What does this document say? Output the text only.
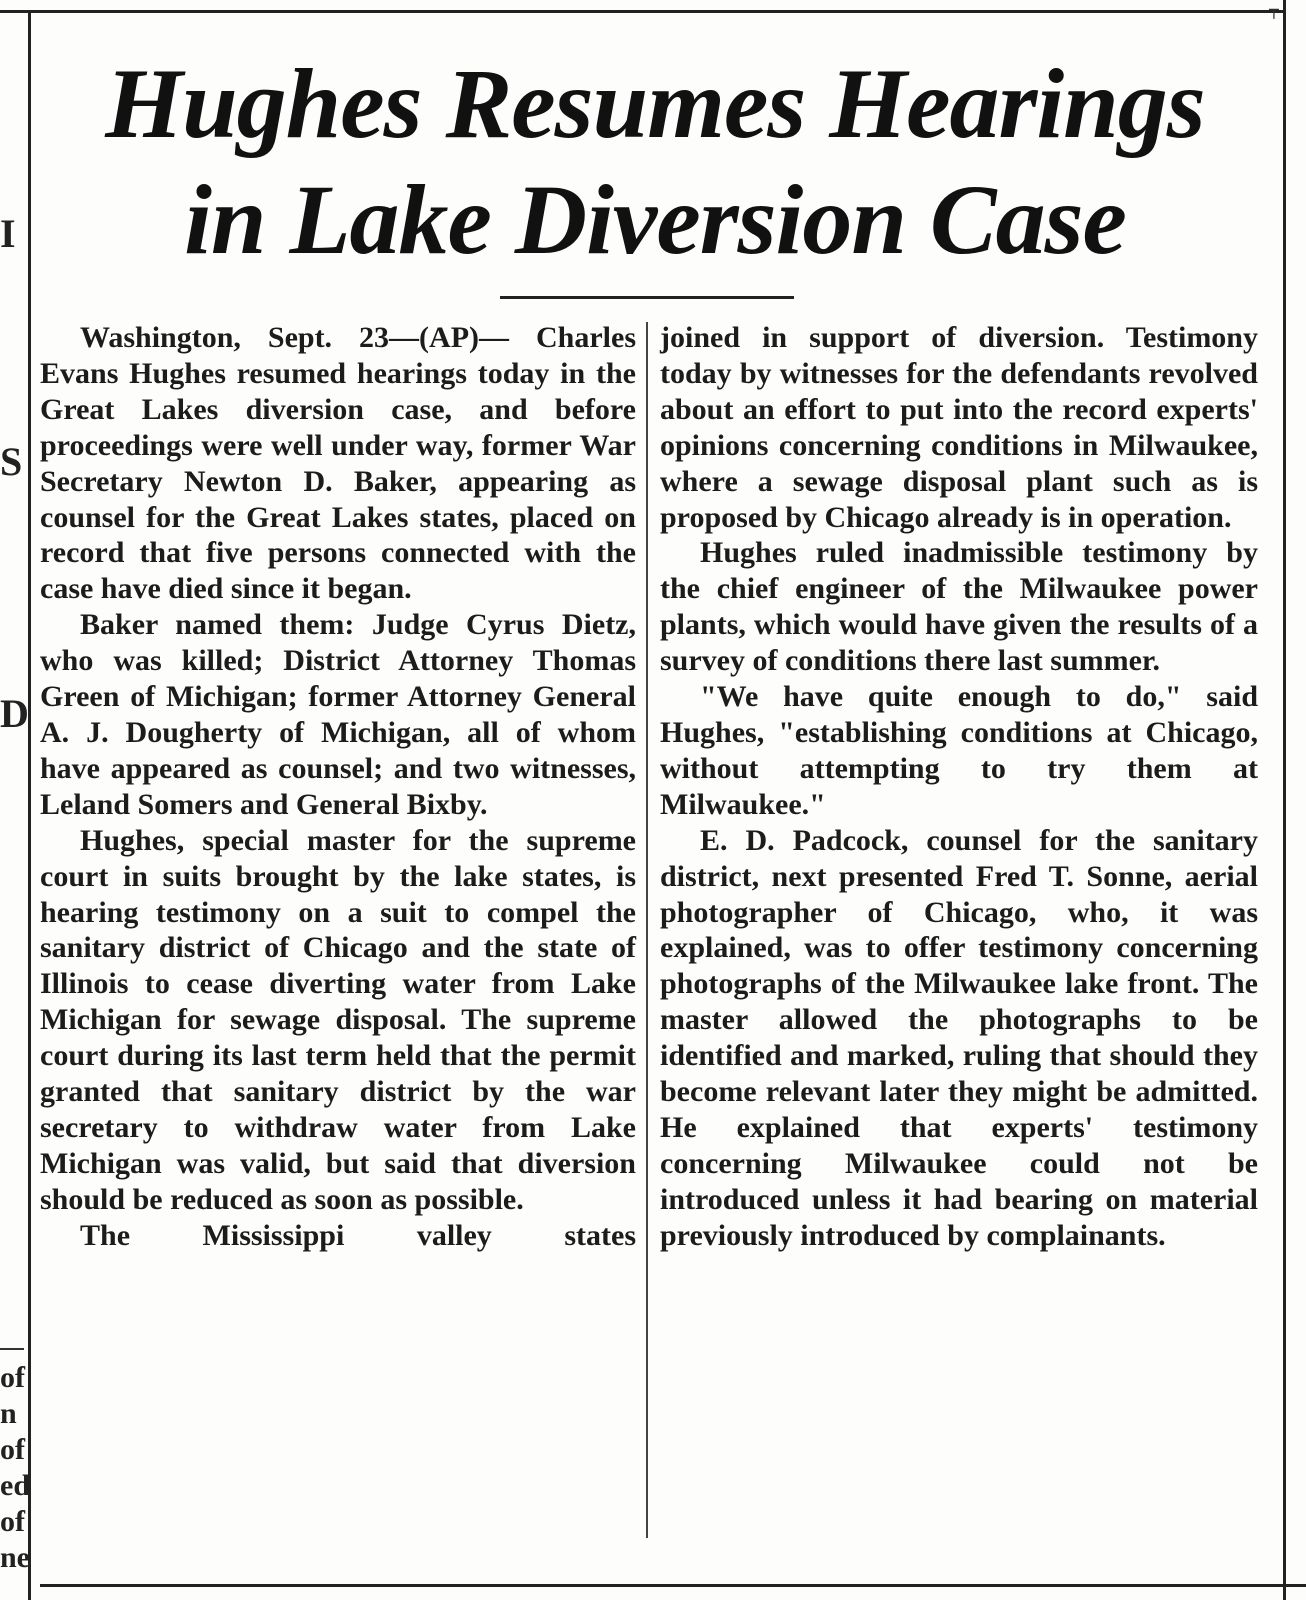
┬
I
S
D
of
n
of
ed
of
ne
Hughes Resumes Hearings
in Lake Diversion Case

Washington, Sept. 23—(AP)— Charles Evans Hughes resumed hearings today in the Great Lakes diversion case, and before proceedings were well under way, former War Secretary Newton D. Baker, appearing as counsel for the Great Lakes states, placed on record that five persons connected with the case have died since it began.

Baker named them: Judge Cyrus Dietz, who was killed; District Attorney Thomas Green of Michigan; former Attorney General A. J. Dougherty of Michigan, all of whom have appeared as counsel; and two witnesses, Leland Somers and General Bixby.

Hughes, special master for the supreme court in suits brought by the lake states, is hearing testimony on a suit to compel the sanitary district of Chicago and the state of Illinois to cease diverting water from Lake Michigan for sewage disposal. The supreme court during its last term held that the permit granted that sanitary district by the war secretary to withdraw water from Lake Michigan was valid, but said that diversion should be reduced as soon as possible.

The Mississippi valley states

joined in support of diversion. Testimony today by witnesses for the defendants revolved about an effort to put into the record experts' opinions concerning conditions in Milwaukee, where a sewage disposal plant such as is proposed by Chicago already is in operation.

Hughes ruled inadmissible testimony by the chief engineer of the Milwaukee power plants, which would have given the results of a survey of conditions there last summer.

"We have quite enough to do," said Hughes, "establishing conditions at Chicago, without attempting to try them at Milwaukee."

E. D. Padcock, counsel for the sanitary district, next presented Fred T. Sonne, aerial photographer of Chicago, who, it was explained, was to offer testimony concerning photographs of the Milwaukee lake front. The master allowed the photographs to be identified and marked, ruling that should they become relevant later they might be admitted. He explained that experts' testimony concerning Milwaukee could not be introduced unless it had bearing on material previously introduced by complainants.
